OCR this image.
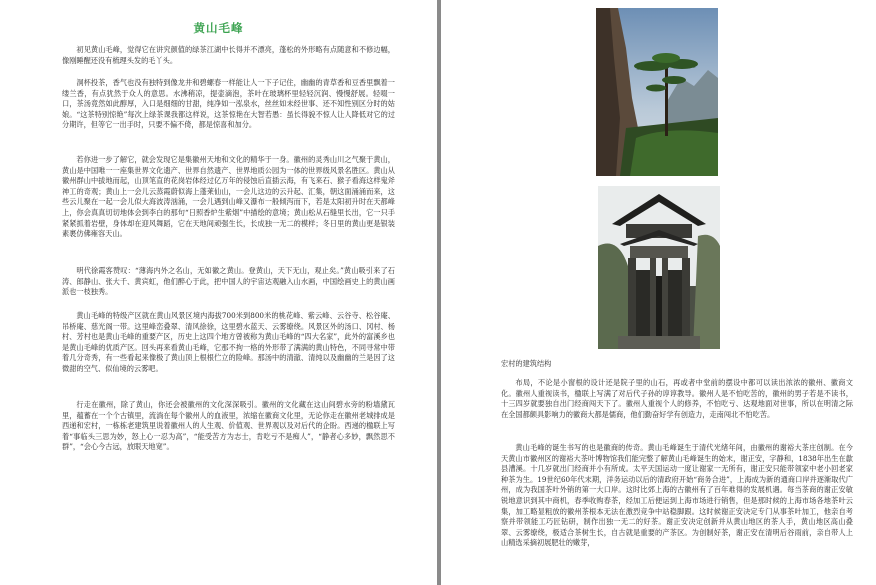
黄山毛峰

初见黄山毛峰，觉得它在讲究颜值的绿茶江湖中长得并不漂亮，蓬松的外形略有点随意和不修边幅，像刚睡醒还没有梳理头发的毛丫头。

洞杯投茶，香气也没有独特到像龙井和碧螺春一样能让人一下子记住，幽幽的青草香和豆香里飘着一缕兰香，有点犹然于众人的意思。水沸稍凉，提壶滴泡，茶叶在玻璃杯里轻轻沉润、慢慢舒展。轻啜一口，茶汤竟然如此醇厚，入口是细细的甘甜，纯净如一泓泉水，丝丝如未经世事、还不知性别区分时的姑娘。“这茶特别惊艳”每次上绿茶课我都这样说，这茶惊艳在大智若愚：虽长得貌不惊人让人降低对它的过分期许，但等它一出手时，只要不偏不倚，都是惊喜和加分。

若你进一步了解它，就会发现它是集徽州天地和文化的精华于一身。徽州的灵秀山川之气聚于黄山，黄山是中国唯一一座集世界文化遗产、世界自然遗产、世界地质公园为一体的世界级风景名胜区。黄山从徽州群山中拔地而起，山顶笔直的花岗岩体经过亿万年的侵蚀后直插云海，有飞来石、猴子看海这样鬼斧神工的奇观；黄山上一会儿云蒸霞蔚似海上蓬莱仙山，一会儿这边的云升起、汇集，朝这面涌涌而来，这些云儿聚在一起一会儿似大海波涛汹涌，一会儿遇到山峰又瀑布一般倾泻而下，若是太阳初升时在天都峰上，你会真真切切地体会到李白的那句“日照香炉生紫烟”中描绘的意境；黄山松从石缝里长出，它一只手紧紧抓着岩壁，身体却在迎风舞蹈，它在天地间顽强生长，长成独一无二的模样；冬日里的黄山更是银装素裹仿佛雍容天山。

明代徐霞客赞叹：“薄海内外之名山，无如徽之黄山。登黄山，天下无山，观止矣。”黄山吸引来了石涛、郎静山、张大千、黄宾虹，他们醉心于此，把中国人的宇宙达观融入山水画，中国绘画史上的黄山画派也一枝独秀。

黄山毛峰的特级产区就在黄山风景区境内海拔700米到800米的桃花峰、紫云峰、云谷寺、松谷庵、吊桥庵、慈光阁一带。这里峰峦叠翠、清风徐徐，这里碧水蓝天、云雾缭绕。风景区外的汤口、冈村、杨村、芳村也是黄山毛峰的重要产区，历史上这四个地方曾被称为黄山毛峰的“四大名家”，此外的富溪乡也是黄山毛峰的优质产区。回头再来看黄山毛峰，它那不拘一格的外形带了满满的黄山特色，不同寻常中带着几分奇秀，有一些看起来像极了黄山顶上根根伫立的险峰。那汤中的清澈、清纯以及幽幽的兰是因了这微甜的空气、似仙境的云雾吧。

行走在徽州，除了黄山，你还会被徽州的文化深深吸引。徽州的文化藏在这山间碧水旁的粉墙黛瓦里，蕴蓄在一个个古镇里，流淌在每个徽州人的血液里，浓缩在徽商文化里，无论你走在徽州老城排成是西递和宏村，一栋栋老建筑里说着徽州人的人生观、价值观、世界观以及对后代的企盼。西递的楹联上写着“事临头三思为妙，怒上心一忍为高”，“能受苦方为志士，肯吃亏不是痴人”，“静者心多妙，飘然思不群”，“会心今古远，放眼天地宽”。

宏村的建筑结构

布局，不论是小窗根的设计还是院子里的山石，再或者中堂前的摆设中都可以读出浓浓的徽州、徽商文化。徽州人重视读书，楹联上写满了对后代子孙的谆谆教导。徽州人是不怕吃苦的，徽州的男子若是不读书，十三四岁就要独自出门经商闯天下了。徽州人重视个人的修养，不怕吃亏、达观地面对世事，所以在明清之际在全国都颇具影响力的徽商大都是儒商，他们勤奋好学有创造力，走南闯北不怕吃苦。

黄山毛峰的诞生书写的也是徽商的传奇。黄山毛峰诞生于清代光绪年间，由徽州的谢裕大茶庄创制。在今天黄山市徽州区的谢裕大茶叶博物馆我们能完整了解黄山毛峰诞生的始末，谢正安，字静和，1838年出生在歙县漕溪。十几岁就出门经商并小有所成。太平天国运动一度让谢家一无所有，谢正安只能带领家中老小回老家种茶为生。19世纪60年代末期，洋务运动以后的清政府开始“商务合进”，上海成为新的通商口岸并逐渐取代广州，成为我国茶叶外销的第一大口岸。这时比郊上海的古徽州有了百年难得的发展机遇。每当茶商的谢正安敏锐地意识到其中商机，春季收购春茶，经加工后便运到上海市场进行销售，但是那时候的上海市场各地茶叶云集，加工略显粗放的徽州茶根本无法在激烈竞争中站稳脚跟。这时候谢正安决定专门从事茶叶加工，他亲自考察并带领能工巧匠钻研，制作出独一无二的好茶。谢正安决定创新并从黄山地区的茶人手，黄山地区高山叠翠、云雾缭绕，极适合茶树生长，自古就是重要的产茶区。为创制好茶，谢正安在清明后谷雨前，亲自带人上山精选采摘初展肥壮的嫩芽，
